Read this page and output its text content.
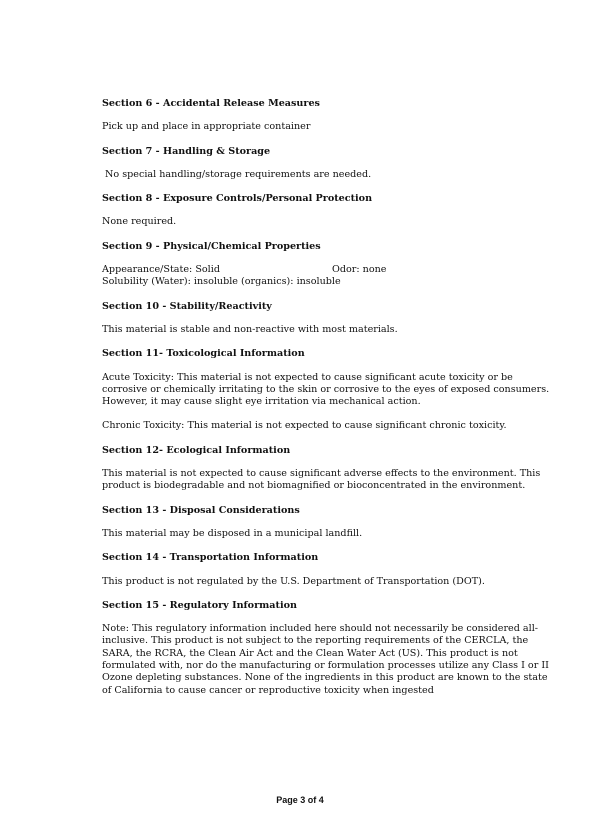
Section 6 - Accidental Release Measures
Pick up and place in appropriate container
Section 7 - Handling & Storage
No special handling/storage requirements are needed.
Section 8 - Exposure Controls/Personal Protection
None required.
Section 9 - Physical/Chemical Properties
Appearance/State: Solid	Odor: none
Solubility (Water): insoluble (organics): insoluble
Section 10 - Stability/Reactivity
This material is stable and non-reactive with most materials.
Section 11- Toxicological Information
Acute Toxicity: This material is not expected to cause significant acute toxicity or be
corrosive or chemically irritating to the skin or corrosive to the eyes of exposed consumers.
However, it may cause slight eye irritation via mechanical action.
Chronic Toxicity: This material is not expected to cause significant chronic toxicity.
Section 12- Ecological Information
This material is not expected to cause significant adverse effects to the environment. This
product is biodegradable and not biomagnified or bioconcentrated in the environment.
Section 13 - Disposal Considerations
This material may be disposed in a municipal landfill.
Section 14 - Transportation Information
This product is not regulated by the U.S. Department of Transportation (DOT).
Section 15 - Regulatory Information
Note: This regulatory information included here should not necessarily be considered all-
inclusive. This product is not subject to the reporting requirements of the CERCLA, the
SARA, the RCRA, the Clean Air Act and the Clean Water Act (US). This product is not
formulated with, nor do the manufacturing or formulation processes utilize any Class I or II
Ozone depleting substances. None of the ingredients in this product are known to the state
of California to cause cancer or reproductive toxicity when ingested
Page 3 of 4
